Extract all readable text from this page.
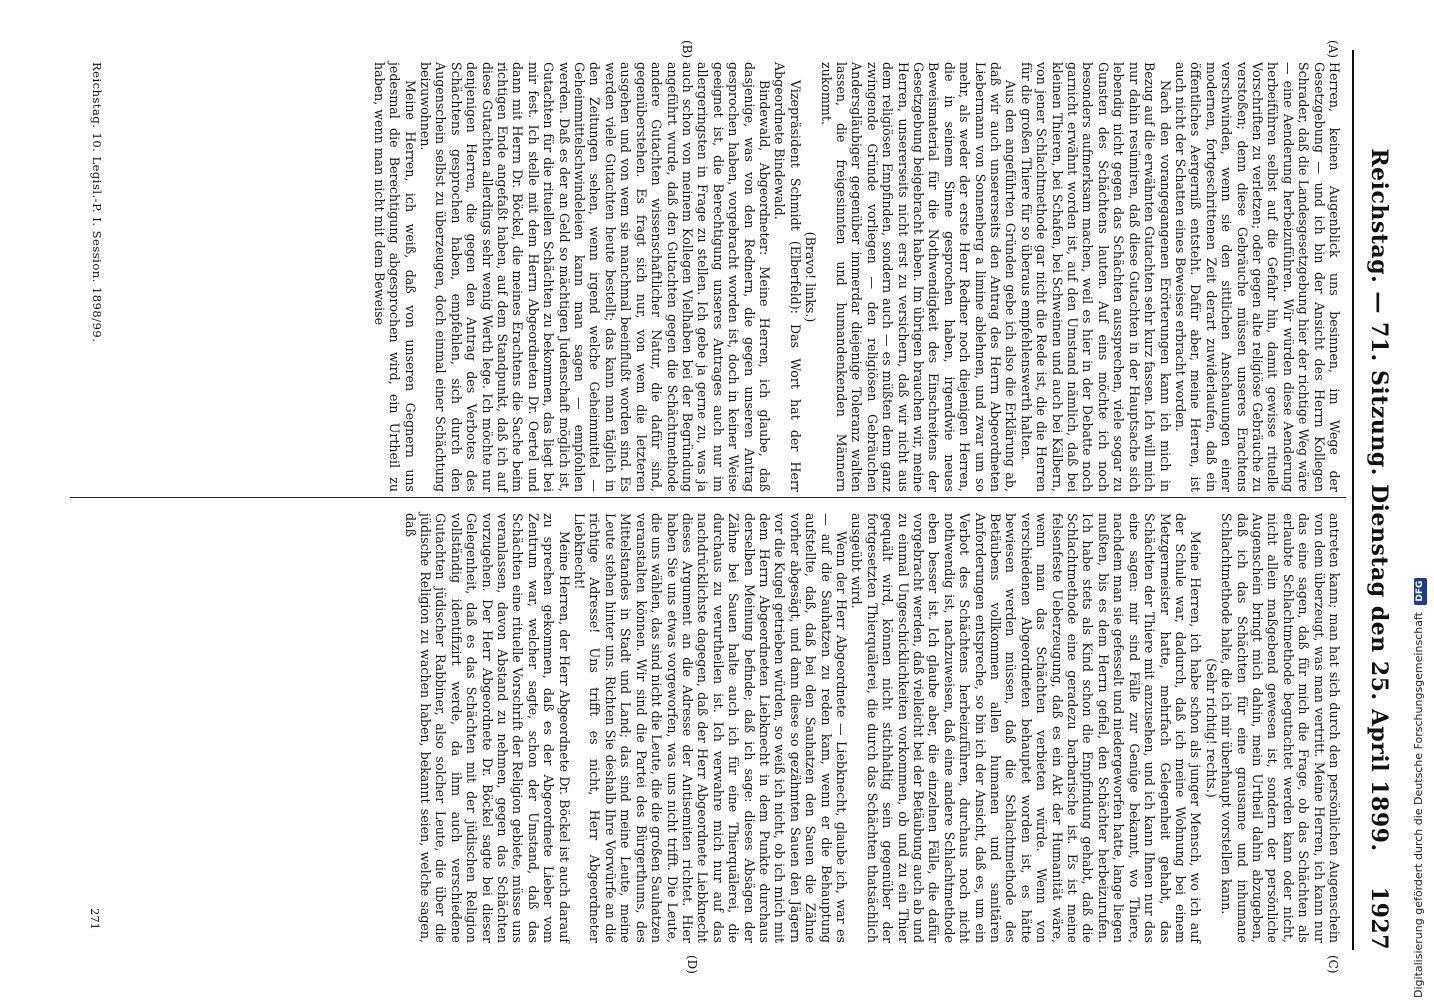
Reichstag. — 71. Sitzung. Dienstag den 25. April 1899.
1927
(A)
(B)
(C)
(D)

Herren, keinen Augenblick uns besinnen, im Wege der Gesetzgebung — und ich bin der Ansicht des Herrn Kollegen Schrader, daß die Landesgesetzgebung hier der richtige Weg wäre — eine Aenderung herbeizuführen. Wir würden diese Aenderung herbeiführen selbst auf die Gefahr hin, damit gewisse rituelle Vorschriften zu verletzen; oder gegen alte religiöse Gebräuche zu verstoßen; denn diese Gebräuche müssen unseres Erachtens verschwinden, wenn sie den sittlichen Anschauungen einer modernen, fortgeschrittenen Zeit derart zuwiderlaufen, daß ein öffentliches Aergerniß entsteht. Dafür aber, meine Herren, ist auch nicht der Schatten eines Beweises erbracht worden.

Nach den vorangegangenen Erörterungen kann ich mich in Bezug auf die erwähnten Gutachten sehr kurz fassen. Ich will mich nur dahin resümiren, daß diese Gutachten in der Hauptsache sich lebendig nicht gegen das Schächten aussprechen, viele sogar zu Gunsten des Schächtens lauten. Auf eins möchte ich noch besonders aufmerksam machen, weil es hier in der Debatte noch garnicht erwähnt worden ist, auf den Umstand nämlich, daß bei kleinen Thieren, bei Schafen, bei Schweinen und auch bei Kälbern, von jener Schlachtmethode gar nicht die Rede ist, die die Herren für die großen Thiere für so überaus empfehlenswerth halten.

Aus den angeführten Gründen gebe ich also die Erklärung ab, daß wir auch unsererseits den Antrag des Herrn Abgeordneten Liebermann von Sonnenberg a limine ablehnen, und zwar um so mehr, als weder der erste Herr Redner noch diejenigen Herren, die in seinem Sinne gesprochen haben, irgendwie neues Beweismaterial für die Nothwendigkeit des Einschreitens der Gesetzgebung beigebracht haben. Im übrigen brauchen wir, meine Herren, unsererseits nicht erst zu versichern, daß wir nicht aus dem religiösen Empfinden, sondern auch — es müßten denn ganz zwingende Gründe vorliegen — den religiösen Gebräuchen Andersgläubiger gegenüber immerdar diejenige Toleranz walten lassen, die freigesinnten und humandenkenden Männern zukommt.

(Bravo! links.)

Vizepräsident Schmidt (Elberfeld): Das Wort hat der Herr Abgeordnete Bindewald.

Bindewald, Abgeordneter: Meine Herren, ich glaube, daß dasjenige, was von den Rednern, die gegen unseren Antrag gesprochen haben, vorgebracht worden ist, doch in keiner Weise geeignet ist, die Berechtigung unseres Antrages auch nur im allergeringsten in Frage zu stellen. Ich gebe ja gerne zu, was ja auch schon von meinem Kollegen Vielhaben bei der Begründung angeführt wurde, daß den Gutachten gegen die Schächtmethode andere Gutachten wissenschaftlicher Natur, die dafür sind, gegenüberstehen. Es fragt sich nur, von wem die letzteren ausgehen und von wem sie manchmal beeinflußt worden sind. Es werden viele Gutachten heute bestellt; das kann man täglich in den Zeitungen sehen, wenn irgend welche Geheimmittel — Geheimmittelschwindeleien kann man sagen — empfohlen werden. Daß es der an Geld so mächtigen Judenschaft möglich ist, Gutachten für die rituellen Schächten zu bekommen, das liegt bei mir fest. Ich stelle mit dem Herrn Abgeordneten Dr. Oertel und dann mit Herrn Dr. Böckel, die meines Erachtens die Sache beim richtigen Ende angefaßt haben, auf dem Standpunkt, daß ich auf diese Gutachten allerdings sehr wenig Werth lege. Ich möchte nur denjenigen Herren, die gegen den Antrag des Verbotes des Schächtens gesprochen haben, empfehlen, sich durch den Augenschein selbst zu überzeugen, doch einmal einer Schächtung beizuwohnen.

Meine Herren, ich weiß, daß von unseren Gegnern uns jedesmal die Berechtigung abgesprochen wird, ein Urtheil zu haben, wenn man nicht mit dem Beweise

antreten kann; man hat sich durch den persönlichen Augenschein von dem überzeugt, was man vertritt. Meine Herren, ich kann nur das eine sagen, daß für mich die Frage, ob das Schächten als erlaubte Schlachtmethode begutachtet werden kann oder nicht, nicht allein maßgebend gewesen ist, sondern der persönliche Augenschein bringt mich dahin, mein Urtheil dahin abzugeben, daß ich das Schächten für eine grausame und inhumane Schlachtmethode halte, die ich mir überhaupt vorstellen kann.

(Sehr richtig! rechts.)

Meine Herren, ich habe schon als junger Mensch, wo ich auf der Schule war, dadurch, daß ich meine Wohnung bei einem Metzgermeister hatte, mehrfach Gelegenheit gehabt, das Schächten der Thiere mit anzusehen, und ich kann Ihnen nur das eine sagen: mir sind Fälle zur Genüge bekannt, wo Thiere, nachdem man sie gefesselt und niedergeworfen hatte, lange liegen mußten, bis es dem Herrn gefiel, den Schächter herbeizurufen. Ich habe stets als Kind schon die Empfindung gehabt, daß die Schlachtmethode eine geradezu barbarische ist. Es ist meine felsenfeste Ueberzeugung, daß es ein Akt der Humanität wäre, wenn man das Schächten verbieten würde. Wenn von verschiedenen Abgeordneten behauptet worden ist, es hätte bewiesen werden müssen, daß die Schlachtmethode des Betäubens vollkommen allen humanen und sanitären Anforderungen entspreche, so bin ich der Ansicht, daß es, um ein Verbot des Schächtens herbeizuführen, durchaus noch nicht nothwendig ist, nachzuweisen, daß eine andere Schlachtmethode eben besser ist. Ich glaube aber, die einzelnen Fälle, die dafür vorgebracht werden, daß vielleicht bei der Betäubung auch ab und zu einmal Ungeschicklichkeiten vorkommen, ob und zu ein Thier gequält wird, können nicht stichhaltig sein gegenüber der fortgesetzten Thierquälerei, die durch das Schächten thatsächlich ausgeübt wird.

Wenn der Herr Abgeordnete — Liebknecht, glaube ich, war es — auf die Sauhatzen zu reden kam, wenn er die Behauptung aufstellte, daß, daß bei den Sauhatzen den Sauen die Zähne vorher abgesägt, und dann diese so gezähmten Sauen den Jägern vor die Kugel getrieben würden, so weiß ich nicht, ob ich mich mit dem Herrn Abgeordneten Liebknecht in dem Punkte durchaus derselben Meinung befinde; daß ich sage: dieses Absägen der Zähne bei Sauen halte auch ich für eine Thierquälerei, die durchaus zu verurtheilen ist. Ich verwahre mich nur auf das nachdrücklichste dagegen, daß der Herr Abgeordnete Liebknecht dieses Argument an die Adresse der Antisemiten richtet. Hier haben Sie uns etwas vorgeworfen, was uns nicht trifft. Die Leute, die uns wählen, das sind nicht die Leute, die die großen Sauhatzen veranstalten können. Wir sind die Partei des Bürgerthums, des Mittelstandes in Stadt und Land; das sind meine Leute, meine Leute stehen hinter uns. Richten Sie deshalb Ihre Vorwürfe an die richtige Adresse! Uns trifft es nicht, Herr Abgeordneter Liebknecht!

Meine Herren, der Herr Abgeordnete Dr. Böckel ist auch darauf zu sprechen gekommen, daß es der Abgeordnete Lieber vom Zentrum war, welcher sagte, schon der Umstand, daß das Schächten eine rituelle Vorschrift der Religion gebiete, müsse uns veranlassen, davon Abstand zu nehmen, gegen das Schächten vorzugehen. Der Herr Abgeordnete Dr. Böckel sagte bei dieser Gelegenheit, daß es das Schächten mit der jüdischen Religion vollständig identifizirt werde, da ihm auch verschiedene Gutachten jüdischer Rabbiner, also solcher Leute, die über die jüdische Religion zu wachen haben, bekannt seien, welche sagen, daß

Reichstag. 10. Legisl.-P. I. Session. 1898/99.
271	Digitalisierung gefördert durch die Deutsche Forschungsgemeinschaft DFG
